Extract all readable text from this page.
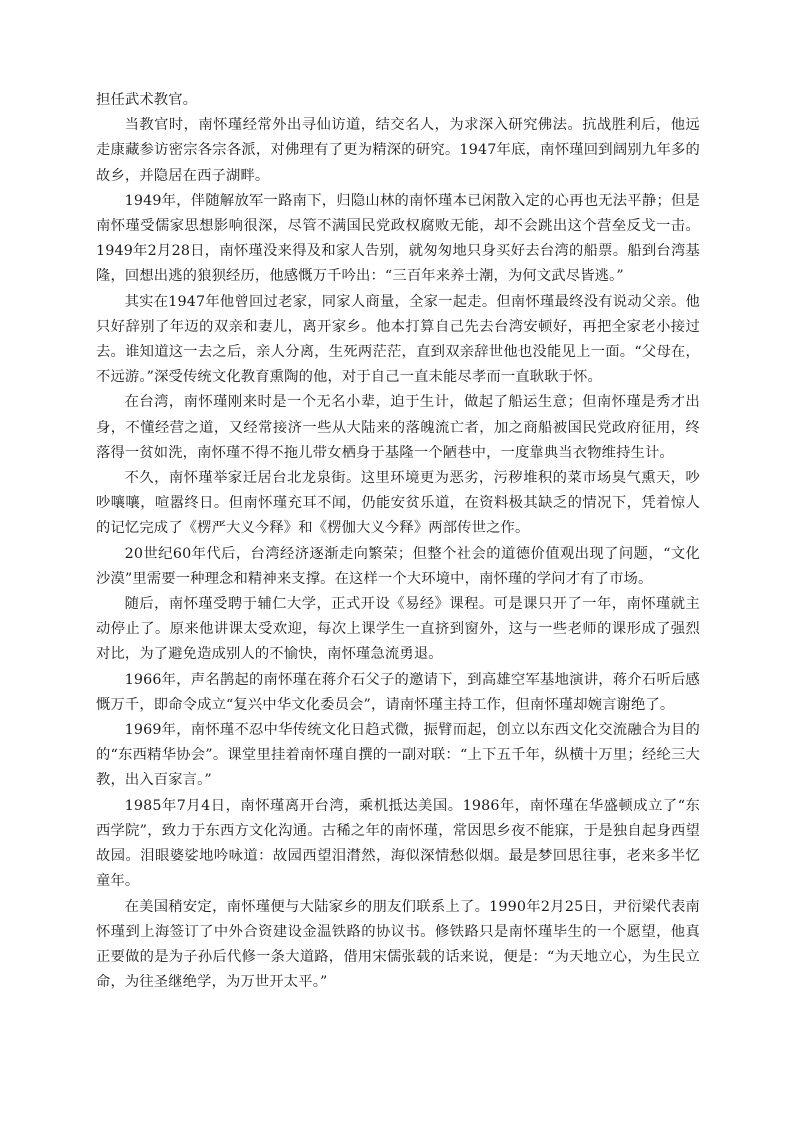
担任武术教官。

当教官时，南怀瑾经常外出寻仙访道，结交名人，为求深入研究佛法。抗战胜利后，他远走康藏参访密宗各宗各派，对佛理有了更为精深的研究。1947年底，南怀瑾回到阔别九年多的故乡，并隐居在西子湖畔。

1949年，伴随解放军一路南下，归隐山林的南怀瑾本已闲散入定的心再也无法平静；但是南怀瑾受儒家思想影响很深，尽管不满国民党政权腐败无能，却不会跳出这个营垒反戈一击。1949年2月28日，南怀瑾没来得及和家人告别，就匆匆地只身买好去台湾的船票。船到台湾基隆，回想出逃的狼狈经历，他感慨万千吟出：“三百年来养士潮，为何文武尽皆逃。”

其实在1947年他曾回过老家，同家人商量，全家一起走。但南怀瑾最终没有说动父亲。他只好辞别了年迈的双亲和妻儿，离开家乡。他本打算自己先去台湾安顿好，再把全家老小接过去。谁知道这一去之后，亲人分离，生死两茫茫，直到双亲辞世他也没能见上一面。“父母在，不远游。”深受传统文化教育熏陶的他，对于自己一直未能尽孝而一直耿耿于怀。

在台湾，南怀瑾刚来时是一个无名小辈，迫于生计，做起了船运生意；但南怀瑾是秀才出身，不懂经营之道，又经常接济一些从大陆来的落魄流亡者，加之商船被国民党政府征用，终落得一贫如洗，南怀瑾不得不拖儿带女栖身于基隆一个陋巷中，一度靠典当衣物维持生计。

不久，南怀瑾举家迁居台北龙泉街。这里环境更为恶劣，污秽堆积的菜市场臭气熏天，吵吵嚷嚷，喧嚣终日。但南怀瑾充耳不闻，仍能安贫乐道，在资料极其缺乏的情况下，凭着惊人的记忆完成了《楞严大义今释》和《楞伽大义今释》两部传世之作。

20世纪60年代后，台湾经济逐渐走向繁荣；但整个社会的道德价值观出现了问题，“文化沙漠”里需要一种理念和精神来支撑。在这样一个大环境中，南怀瑾的学问才有了市场。

随后，南怀瑾受聘于辅仁大学，正式开设《易经》课程。可是课只开了一年，南怀瑾就主动停止了。原来他讲课太受欢迎，每次上课学生一直挤到窗外，这与一些老师的课形成了强烈对比，为了避免造成别人的不愉快，南怀瑾急流勇退。

1966年，声名鹊起的南怀瑾在蒋介石父子的邀请下，到高雄空军基地演讲，蒋介石听后感慨万千，即命令成立“复兴中华文化委员会”，请南怀瑾主持工作，但南怀瑾却婉言谢绝了。

1969年，南怀瑾不忍中华传统文化日趋式微，振臂而起，创立以东西文化交流融合为目的的“东西精华协会”。课堂里挂着南怀瑾自撰的一副对联：“上下五千年，纵横十万里；经纶三大教，出入百家言。”

1985年7月4日，南怀瑾离开台湾，乘机抵达美国。1986年，南怀瑾在华盛顿成立了“东西学院”，致力于东西方文化沟通。古稀之年的南怀瑾，常因思乡夜不能寐，于是独自起身西望故园。泪眼婆娑地吟咏道：故园西望泪潸然，海似深情愁似烟。最是梦回思往事，老来多半忆童年。

在美国稍安定，南怀瑾便与大陆家乡的朋友们联系上了。1990年2月25日，尹衍梁代表南怀瑾到上海签订了中外合资建设金温铁路的协议书。修铁路只是南怀瑾毕生的一个愿望，他真正要做的是为子孙后代修一条大道路，借用宋儒张载的话来说，便是：“为天地立心，为生民立命，为往圣继绝学，为万世开太平。”
